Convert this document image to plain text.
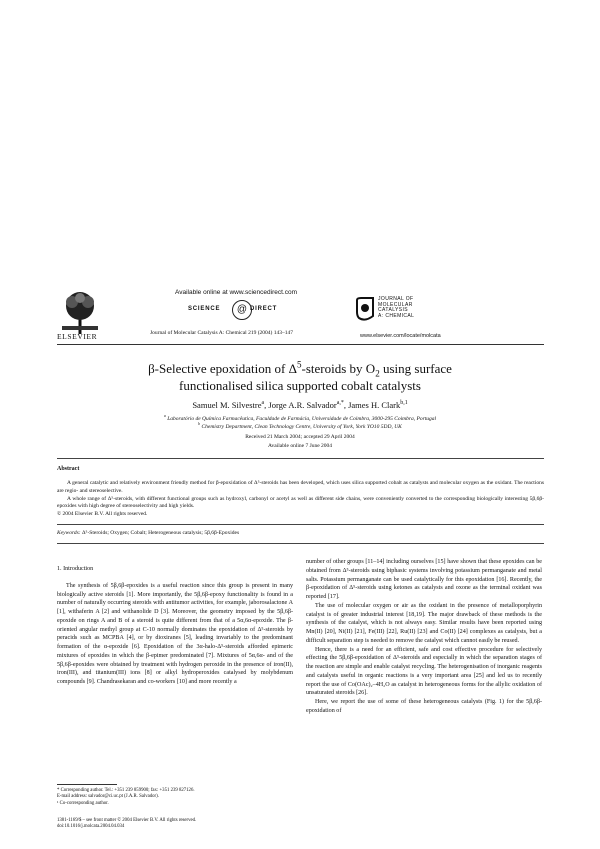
ELSEVIER
Available online at www.sciencedirect.com
SCIENCE	@ DIRECT
Journal of Molecular Catalysis A: Chemical 219 (2004) 143–147
JOURNAL OF
MOLECULAR
CATALYSIS
A: CHEMICAL
www.elsevier.com/locate/molcata
β-Selective epoxidation of $\Delta^5$-steroids by $O_2$ using surface
functionalised silica supported cobalt catalysts
Samuel M. Silvestre$^a$, Jorge A.R. Salvador$^{a,*}$, James H. Clark$^{b,1}$
$^a$ Laboratório de Química Farmacêutica, Faculdade de Farmácia, Universidade de Coimbra, 3000-295 Coimbra, Portugal
$^b$ Chemistry Department, Clean Technology Centre, University of York, York YO10 5DD, UK
Received 21 March 2004; accepted 29 April 2004
Available online 7 June 2004
Abstract

A general catalytic and relatively environment friendly method for β-epoxidation of Δ⁵-steroids has been developed, which uses silica supported cobalt as catalysts and molecular oxygen as the oxidant. The reactions are regio- and stereoselective.

A whole range of Δ⁵-steroids, with different functional groups such as hydroxyl, carbonyl or acetyl as well as different side chains, were conveniently converted to the corresponding biologically interesting 5β,6β-epoxides with high degree of stereoselectivity and high yields.

© 2004 Elsevier B.V. All rights reserved.

Keywords: Δ⁵-Steroids; Oxygen; Cobalt; Heterogeneous catalysis; 5β,6β-Epoxides
1. Introduction

The synthesis of 5β,6β-epoxides is a useful reaction since this group is present in many biologically active steroids [1]. More importantly, the 5β,6β-epoxy functionality is found in a number of naturally occurring steroids with antitumor activities, for example, jaborosalactone A [1], withaferin A [2] and withanolide D [3]. Moreover, the geometry imposed by the 5β,6β-epoxide on rings A and B of a steroid is quite different from that of a 5α,6α-epoxide. The β-oriented angular methyl group at C-10 normally dominates the epoxidation of Δ⁵-steroids by peracids such as MCPBA [4], or by dioxiranes [5], leading invariably to the predominant formation of the α-epoxide [6]. Epoxidation of the 3α-halo-Δ⁵-steroids afforded epimeric mixtures of epoxides in which the β-epimer predominated [7]. Mixtures of 5α,6α- and of the 5β,6β-epoxides were obtained by treatment with hydrogen peroxide in the presence of iron(II), iron(III), and titanium(III) ions [8] or alkyl hydroperoxides catalysed by molybdenum compounds [9]. Chandrasekaran and co-workers [10] and more recently a

number of other groups [11–14] including ourselves [15] have shown that these epoxides can be obtained from Δ⁵-steroids using biphasic systems involving potassium permanganate and metal salts. Potassium permanganate can be used catalytically for this epoxidation [16]. Recently, the β-epoxidation of Δ⁵-steroids using ketones as catalysts and oxone as the terminal oxidant was reported [17].

The use of molecular oxygen or air as the oxidant in the presence of metalloporphyrin catalyst is of greater industrial interest [18,19]. The major drawback of these methods is the synthesis of the catalyst, which is not always easy. Similar results have been reported using Mn(II) [20], Ni(II) [21], Fe(III) [22], Ru(II) [23] and Co(II) [24] complexes as catalysts, but a difficult separation step is needed to remove the catalyst which cannot easily be reused.

Hence, there is a need for an efficient, safe and cost effective procedure for selectively effecting the 5β,6β-epoxidation of Δ⁵-steroids and especially in which the separation stages of the reaction are simple and enable catalyst recycling. The heterogenisation of inorganic reagents and catalysts useful in organic reactions is a very important area [25] and led us to recently report the use of Co(OAc)₂–4H₂O as catalyst in heterogeneous forms for the allylic oxidation of unsaturated steroids [26].

Here, we report the use of some of these heterogeneous catalysts (Fig. 1) for the 5β,6β-epoxidation of

* Corresponding author. Tel.: +351 239 859900; fax: +351 239 827126.

E-mail address: salvador@ci.uc.pt (J.A.R. Salvador).

¹ Co-corresponding author.

1381-1169/$ – see front matter © 2004 Elsevier B.V. All rights reserved.

doi:10.1016/j.molcata.2004.04.034
